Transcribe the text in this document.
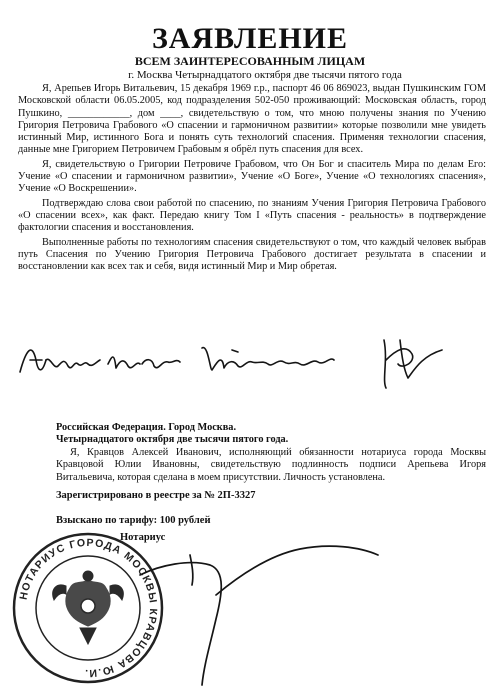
ЗАЯВЛЕНИЕ
ВСЕМ ЗАИНТЕРЕСОВАННЫМ ЛИЦАМ
г. Москва Четырнадцатого октября две тысячи пятого года

Я, Арепьев Игорь Витальевич, 15 декабря 1969 г.р., паспорт 46 06 869023, выдан Пушкинским ГОМ Московской области 06.05.2005, код подразделения 502-050 проживающий: Московская область, город Пушкино, ____________, дом ____, свидетельствую о том, что мною получены знания по Учению Григория Петровича Грабового «О спасении и гармоничном развитии» которые позволили мне увидеть истинный Мир, истинного Бога и понять суть технологий спасения. Применяя технологии спасения, данные мне Григорием Петровичем Грабовым я обрёл путь спасения для всех.

Я, свидетельствую о Григории Петровиче Грабовом, что Он Бог и спаситель Мира по делам Его: Учение «О спасении и гармоничном развитии», Учение «О Боге», Учение «О технологиях спасения», Учение «О Воскрешении».

Подтверждаю слова свои работой по спасению, по знаниям Учения Григория Петровича Грабового «О спасении всех», как факт. Передаю книгу Том I «Путь спасения - реальность» в подтверждение фактологии спасения и восстановления.

Выполненные работы по технологиям спасения свидетельствуют о том, что каждый человек выбрав путь Спасения по Учению Григория Петровича Грабового достигает результата в спасении и восстановлении как всех так и себя, видя истинный Мир и Мир обретая.

Российская Федерация. Город Москва.

Четырнадцатого октября две тысячи пятого года.

Я, Кравцов Алексей Иванович, исполняющий обязанности нотариуса города Москвы Кравцовой Юлии Ивановны, свидетельствую подлинность подписи Арепьева Игоря Витальевича, которая сделана в моем присутствии. Личность установлена.

Зарегистрировано в реестре за № 2П-3327
Взыскано по тарифу: 100 рублей
Нотариус
НОТАРИУС ГОРОДА МОСКВЫ КРАВЦОВА Ю.И.
